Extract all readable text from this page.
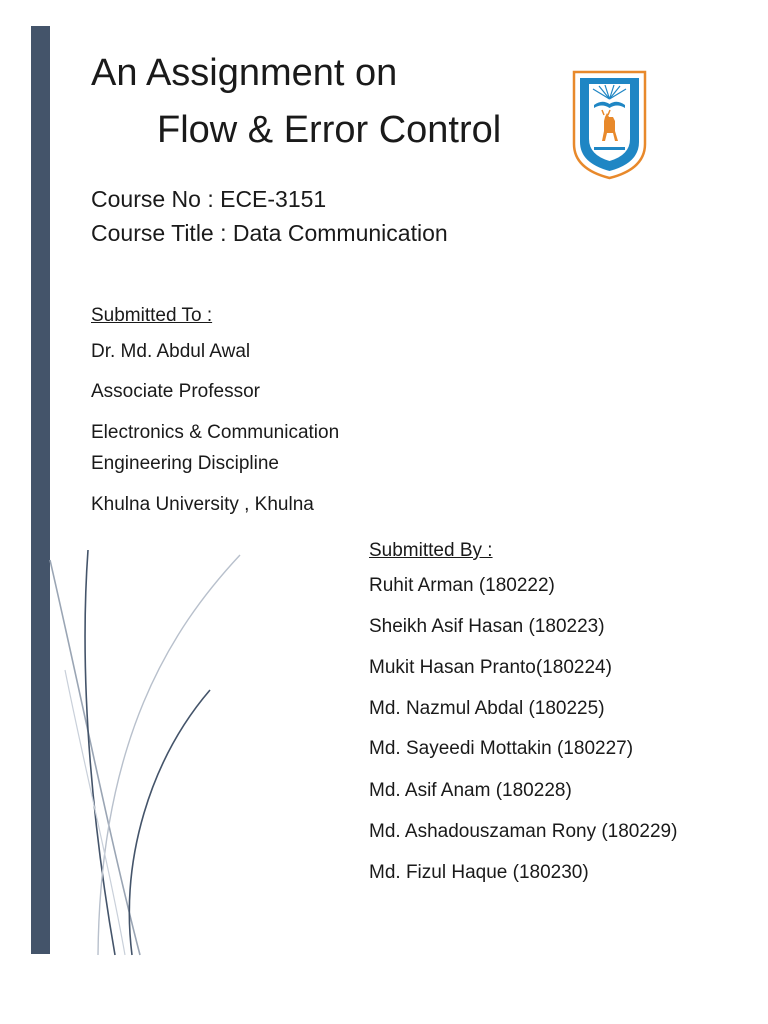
An Assignment on
Flow & Error Control
Course No : ECE-3151
Course Title : Data Communication
Submitted To :
Dr. Md. Abdul Awal
Associate Professor
Electronics & Communication
Engineering Discipline
Khulna University , Khulna
Submitted By :
Ruhit Arman (180222)
Sheikh Asif Hasan (180223)
Mukit Hasan Pranto(180224)
Md. Nazmul Abdal (180225)
Md. Sayeedi Mottakin (180227)
Md. Asif Anam (180228)
Md. Ashadouszaman Rony (180229)
Md. Fizul Haque (180230)
